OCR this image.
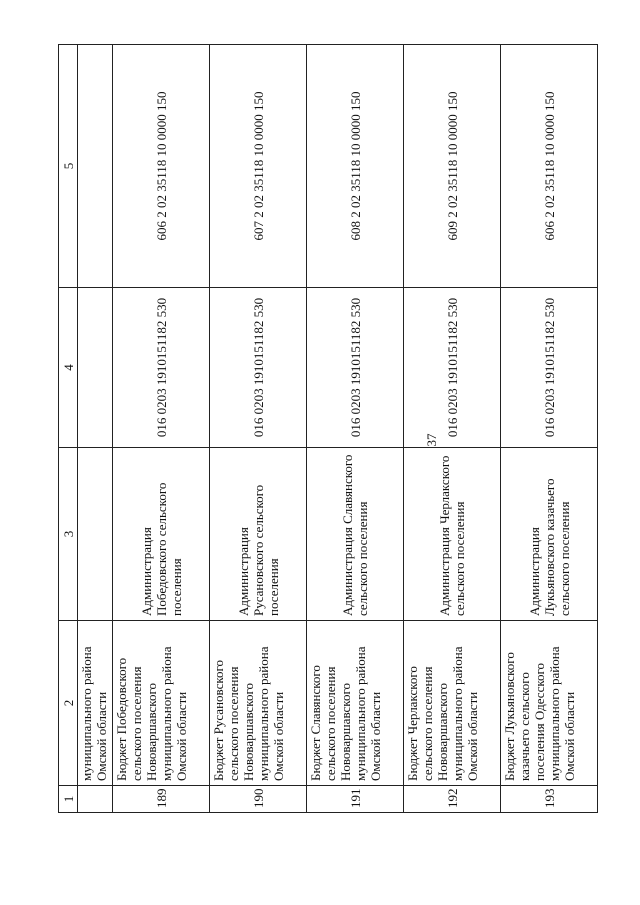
37
1	2	3	4	5
	муниципального района Омской области			
189	Бюджет Победовского сельского поселения Нововаршавского муниципального района Омской области	Администрация Победовского сельского поселения	016 0203 1910151182 530	606 2 02 35118 10 0000 150
190	Бюджет Русановского сельского поселения Нововаршавского муниципального района Омской области	Администрация Русановского сельского поселения	016 0203 1910151182 530	607 2 02 35118 10 0000 150
191	Бюджет Славянского сельского поселения Нововаршавского муниципального района Омской области	Администрация Славянского сельского поселения	016 0203 1910151182 530	608 2 02 35118 10 0000 150
192	Бюджет Черлакского сельского поселения Нововаршавского муниципального района Омской области	Администрация Черлакского сельского поселения	016 0203 1910151182 530	609 2 02 35118 10 0000 150
193	Бюджет Лукьяновского казачьего сельского поселения Одесского муниципального района Омской области	Администрация Лукьяновского казачьего сельского поселения	016 0203 1910151182 530	606 2 02 35118 10 0000 150
